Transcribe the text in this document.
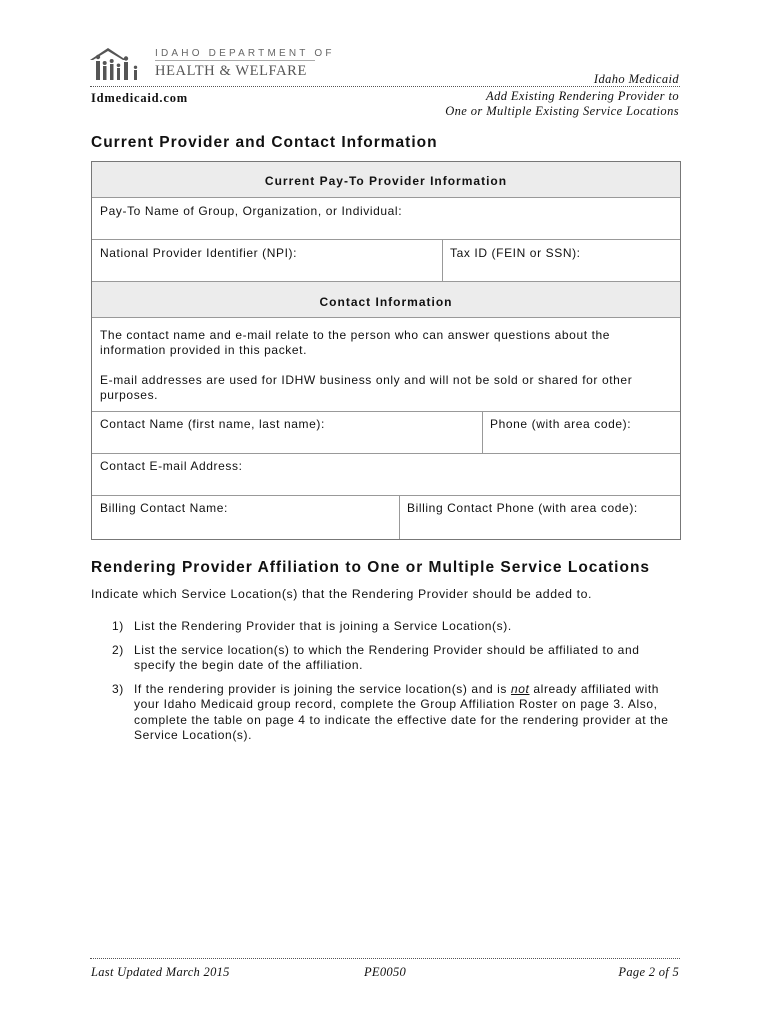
IDAHO DEPARTMENT OF
HEALTH & WELFARE	Idaho Medicaid
Idmedicaid.com	Add Existing Rendering Provider to
One or Multiple Existing Service Locations
Current Provider and Contact Information
Current Pay-To Provider Information
Pay-To Name of Group, Organization, or Individual:
National Provider Identifier (NPI):	Tax ID (FEIN or SSN):
Contact Information
The contact name and e-mail relate to the person who can answer questions about the information provided in this packet.
E-mail addresses are used for IDHW business only and will not be sold or shared for other purposes.
Contact Name (first name, last name):	Phone (with area code):
Contact E-mail Address:
Billing Contact Name:	Billing Contact Phone (with area code):
Rendering Provider Affiliation to One or Multiple Service Locations
Indicate which Service Location(s) that the Rendering Provider should be added to.
1) List the Rendering Provider that is joining a Service Location(s).
2) List the service location(s) to which the Rendering Provider should be affiliated to and specify the begin date of the affiliation.
3) If the rendering provider is joining the service location(s) and is not already affiliated with your Idaho Medicaid group record, complete the Group Affiliation Roster on page 3. Also, complete the table on page 4 to indicate the effective date for the rendering provider at the Service Location(s).
Last Updated March 2015	PE0050	Page 2 of 5
